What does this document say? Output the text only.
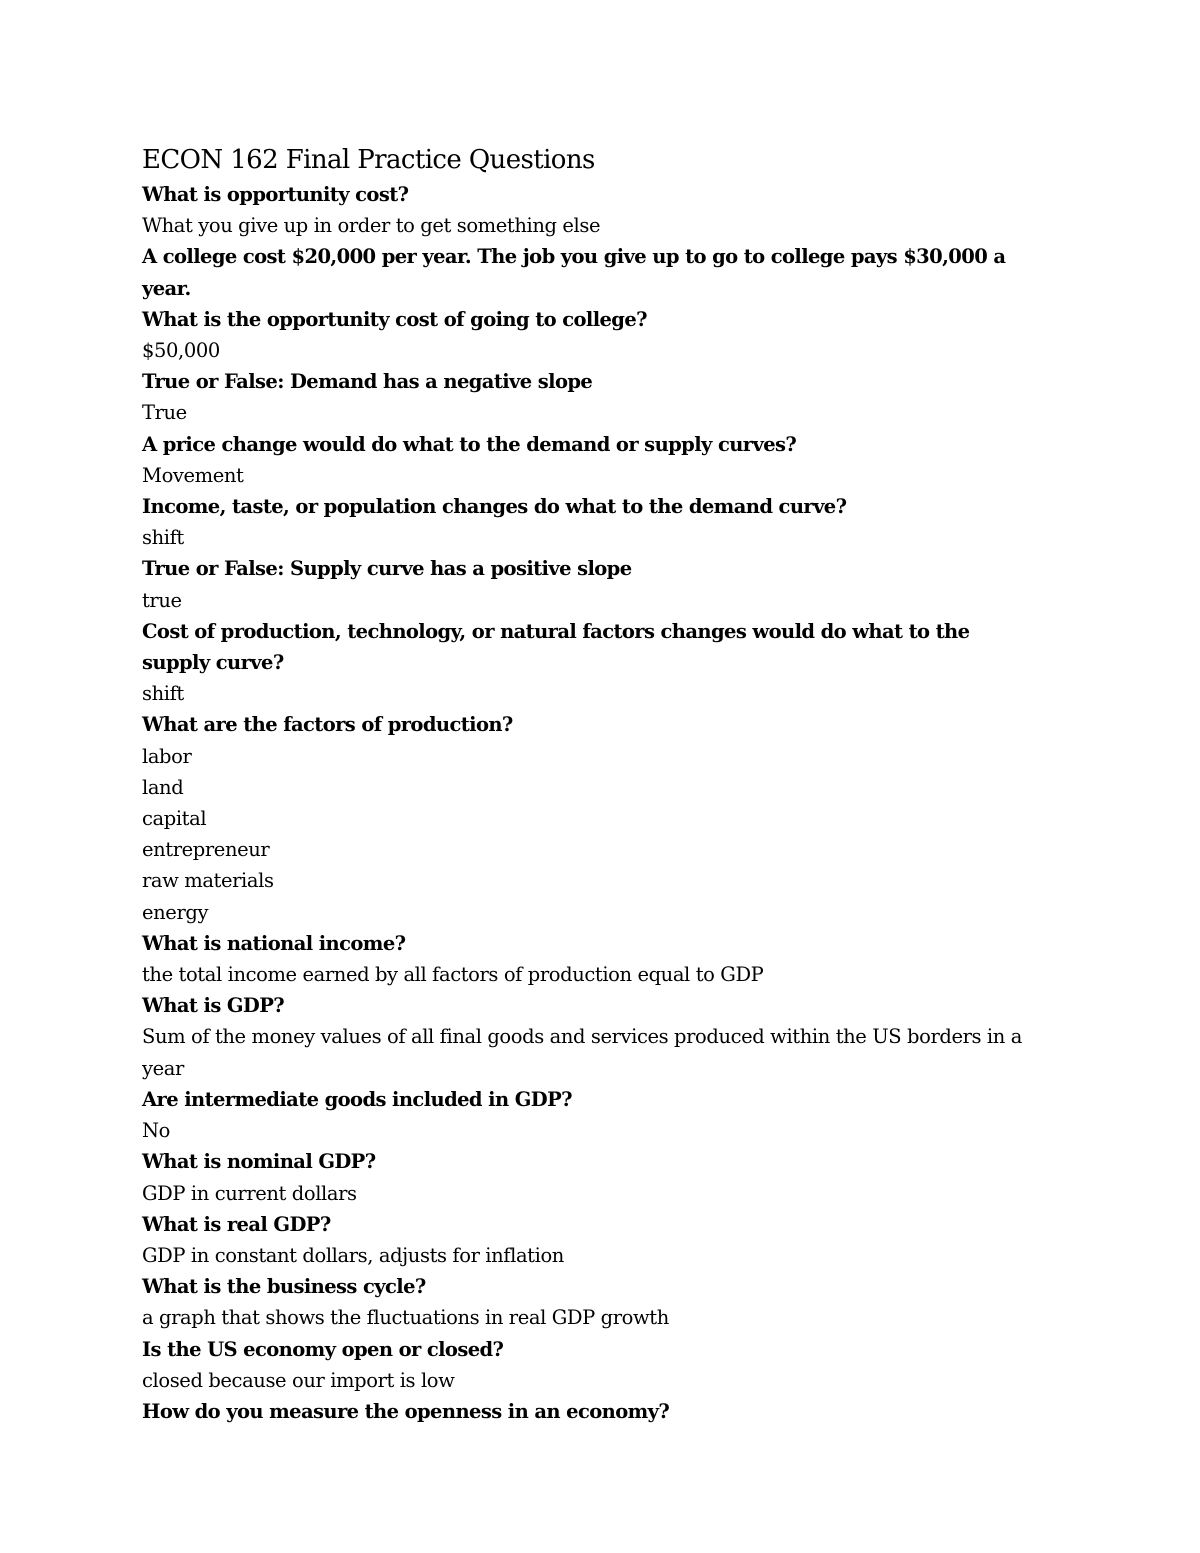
ECON 162 Final Practice Questions

What is opportunity cost?

What you give up in order to get something else

A college cost $20,000 per year. The job you give up to go to college pays $30,000 a year.

What is the opportunity cost of going to college?

$50,000

True or False: Demand has a negative slope

True

A price change would do what to the demand or supply curves?

Movement

Income, taste, or population changes do what to the demand curve?

shift

True or False: Supply curve has a positive slope

true

Cost of production, technology, or natural factors changes would do what to the supply curve?

shift

What are the factors of production?

labor

land

capital

entrepreneur

raw materials

energy

What is national income?

the total income earned by all factors of production equal to GDP

What is GDP?

Sum of the money values of all final goods and services produced within the US borders in a year

Are intermediate goods included in GDP?

No

What is nominal GDP?

GDP in current dollars

What is real GDP?

GDP in constant dollars, adjusts for inflation

What is the business cycle?

a graph that shows the fluctuations in real GDP growth

Is the US economy open or closed?

closed because our import is low

How do you measure the openness in an economy?
